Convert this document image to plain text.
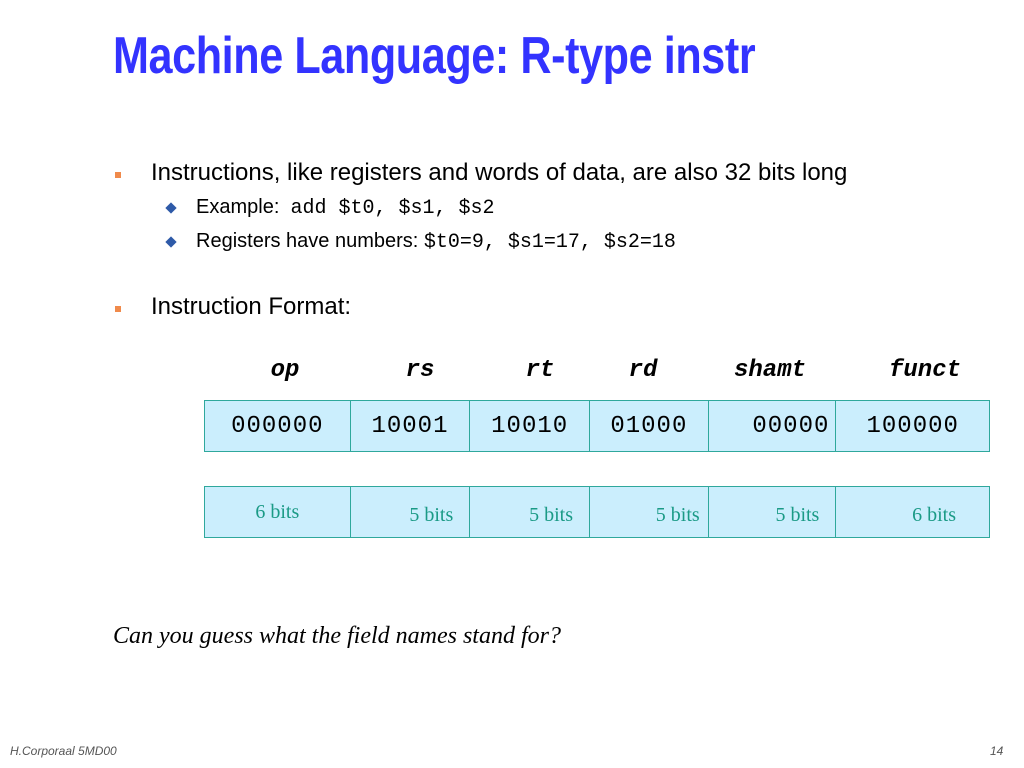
Machine Language: R-type instr
Instructions, like registers and words of data, are also 32 bits long
Example: add $t0, $s1, $s2
Registers have numbers: $t0=9, $s1=17, $s2=18
Instruction Format:
op	rs	rt	rd	shamt	funct
000000 10001 10010 01000	00000 100000
6 bits	5 bits	5 bits	5 bits	5 bits	6 bits
Can you guess what the field names stand for?
H.Corporaal 5MD00	14
